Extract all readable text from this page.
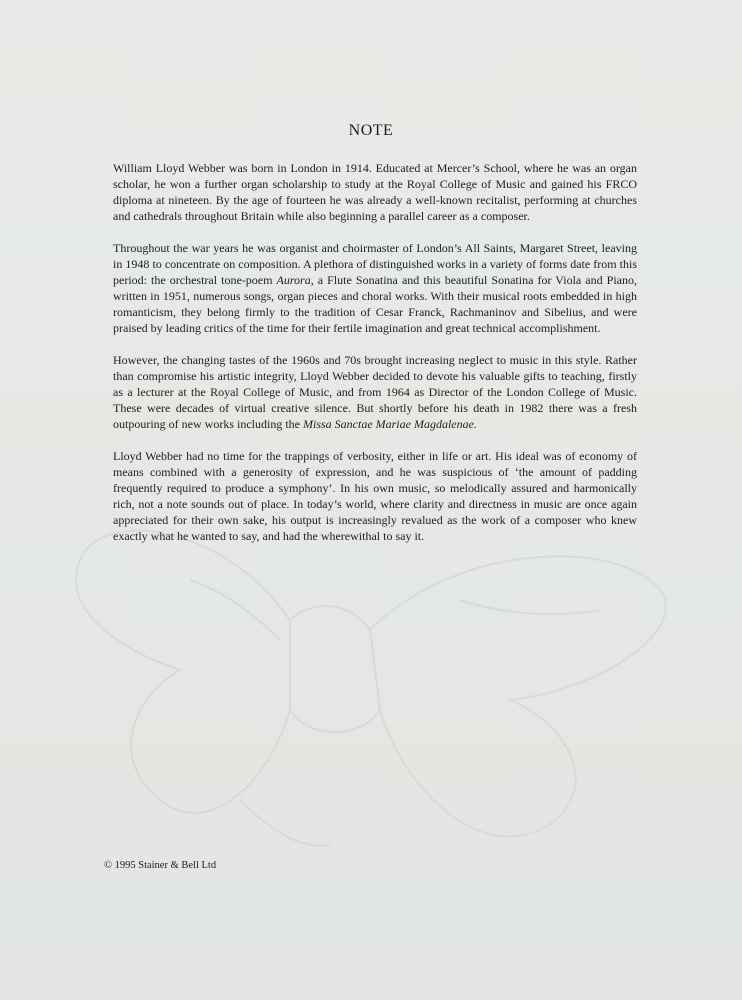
NOTE

William Lloyd Webber was born in London in 1914. Educated at Mercer’s School, where he was an organ scholar, he won a further organ scholarship to study at the Royal College of Music and gained his FRCO diploma at nineteen. By the age of fourteen he was already a well-known recitalist, performing at churches and cathedrals throughout Britain while also beginning a parallel career as a composer.

Throughout the war years he was organist and choirmaster of London’s All Saints, Margaret Street, leaving in 1948 to concentrate on composition. A plethora of distinguished works in a variety of forms date from this period: the orchestral tone-poem Aurora, a Flute Sonatina and this beautiful Sonatina for Viola and Piano, written in 1951, numerous songs, organ pieces and choral works. With their musical roots embedded in high romanticism, they belong firmly to the tradition of Cesar Franck, Rachmaninov and Sibelius, and were praised by leading critics of the time for their fertile imagination and great technical accomplishment.

However, the changing tastes of the 1960s and 70s brought increasing neglect to music in this style. Rather than compromise his artistic integrity, Lloyd Webber decided to devote his valuable gifts to teaching, firstly as a lecturer at the Royal College of Music, and from 1964 as Director of the London College of Music. These were decades of virtual creative silence. But shortly before his death in 1982 there was a fresh outpouring of new works including the Missa Sanctae Mariae Magdalenae.

Lloyd Webber had no time for the trappings of verbosity, either in life or art. His ideal was of economy of means combined with a generosity of expression, and he was suspicious of ‘the amount of padding frequently required to produce a symphony’. In his own music, so melodically assured and harmonically rich, not a note sounds out of place. In today’s world, where clarity and directness in music are once again appreciated for their own sake, his output is increasingly revalued as the work of a composer who knew exactly what he wanted to say, and had the wherewithal to say it.

© 1995 Stainer & Bell Ltd
